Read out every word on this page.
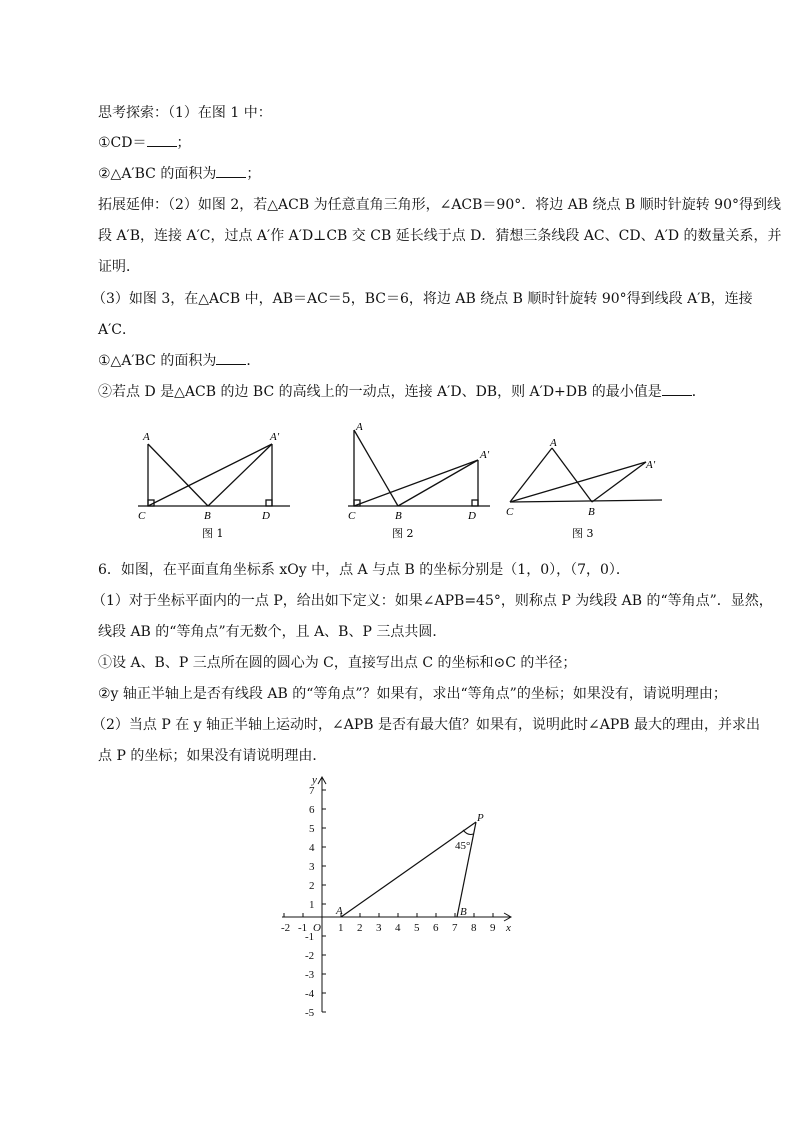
思考探索：（1）在图 1 中：
①CD＝ ；
②△A′BC 的面积为 ；
拓展延伸：（2）如图 2，若△ACB 为任意直角三角形，∠ACB＝90°．将边 AB 绕点 B 顺时针旋转 90°得到线
段 A′B，连接 A′C，过点 A′作 A′D⊥CB 交 CB 延长线于点 D．猜想三条线段 AC、CD、A′D 的数量关系，并
证明．
（3）如图 3，在△ACB 中，AB＝AC＝5，BC＝6，将边 AB 绕点 B 顺时针旋转 90°得到线段 A′B，连接
A′C．
①△A′BC 的面积为 ．
②若点 D 是△ACB 的边 BC 的高线上的一动点，连接 A′D、DB，则 A′D+DB 的最小值是 ．
A	A′
B
C	D
图 1
A
A′
B
C	D
图 2
A
A′
B
C
图 3
6．如图，在平面直角坐标系 xOy 中，点 A 与点 B 的坐标分别是（1，0），（7，0）．
（1）对于坐标平面内的一点 P，给出如下定义：如果∠APB=45°，则称点 P 为线段 AB 的“等角点”．显然，
线段 AB 的“等角点”有无数个，且 A、B、P 三点共圆．
①设 A、B、P 三点所在圆的圆心为 C，直接写出点 C 的坐标和⊙C 的半径；
②y 轴正半轴上是否有线段 AB 的“等角点”？如果有，求出“等角点”的坐标；如果没有，请说明理由；
（2）当点 P 在 y 轴正半轴上运动时，∠APB 是否有最大值？如果有，说明此时∠APB 最大的理由，并求出
点 P 的坐标；如果没有请说明理由．
-2 -1	1 2 3 4 5 6 7 8 9
7
6
5
4
3
2
1
-1
-2
-3
-4
-5
O	x
y
A	B
P
45°
